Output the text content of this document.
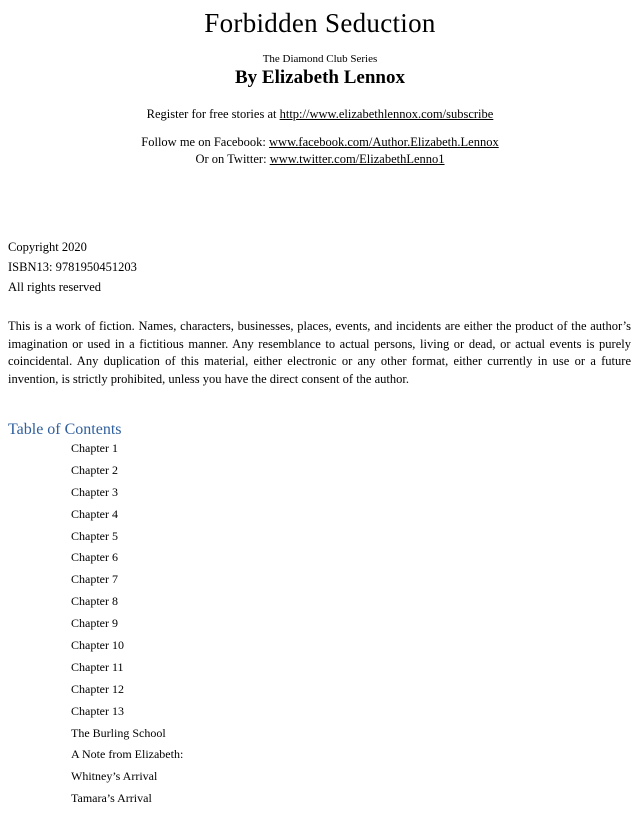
Forbidden Seduction
The Diamond Club Series
By Elizabeth Lennox
Register for free stories at http://www.elizabethlennox.com/subscribe
Follow me on Facebook: www.facebook.com/Author.Elizabeth.Lennox
Or on Twitter: www.twitter.com/ElizabethLenno1
Copyright 2020
ISBN13: 9781950451203
All rights reserved
This is a work of fiction. Names, characters, businesses, places, events, and incidents are either the product of the author’s imagination or used in a fictitious manner. Any resemblance to actual persons, living or dead, or actual events is purely coincidental. Any duplication of this material, either electronic or any other format, either currently in use or a future invention, is strictly prohibited, unless you have the direct consent of the author.
Table of Contents
Chapter 1
Chapter 2
Chapter 3
Chapter 4
Chapter 5
Chapter 6
Chapter 7
Chapter 8
Chapter 9
Chapter 10
Chapter 11
Chapter 12
Chapter 13
The Burling School
A Note from Elizabeth:
Whitney’s Arrival
Tamara’s Arrival
